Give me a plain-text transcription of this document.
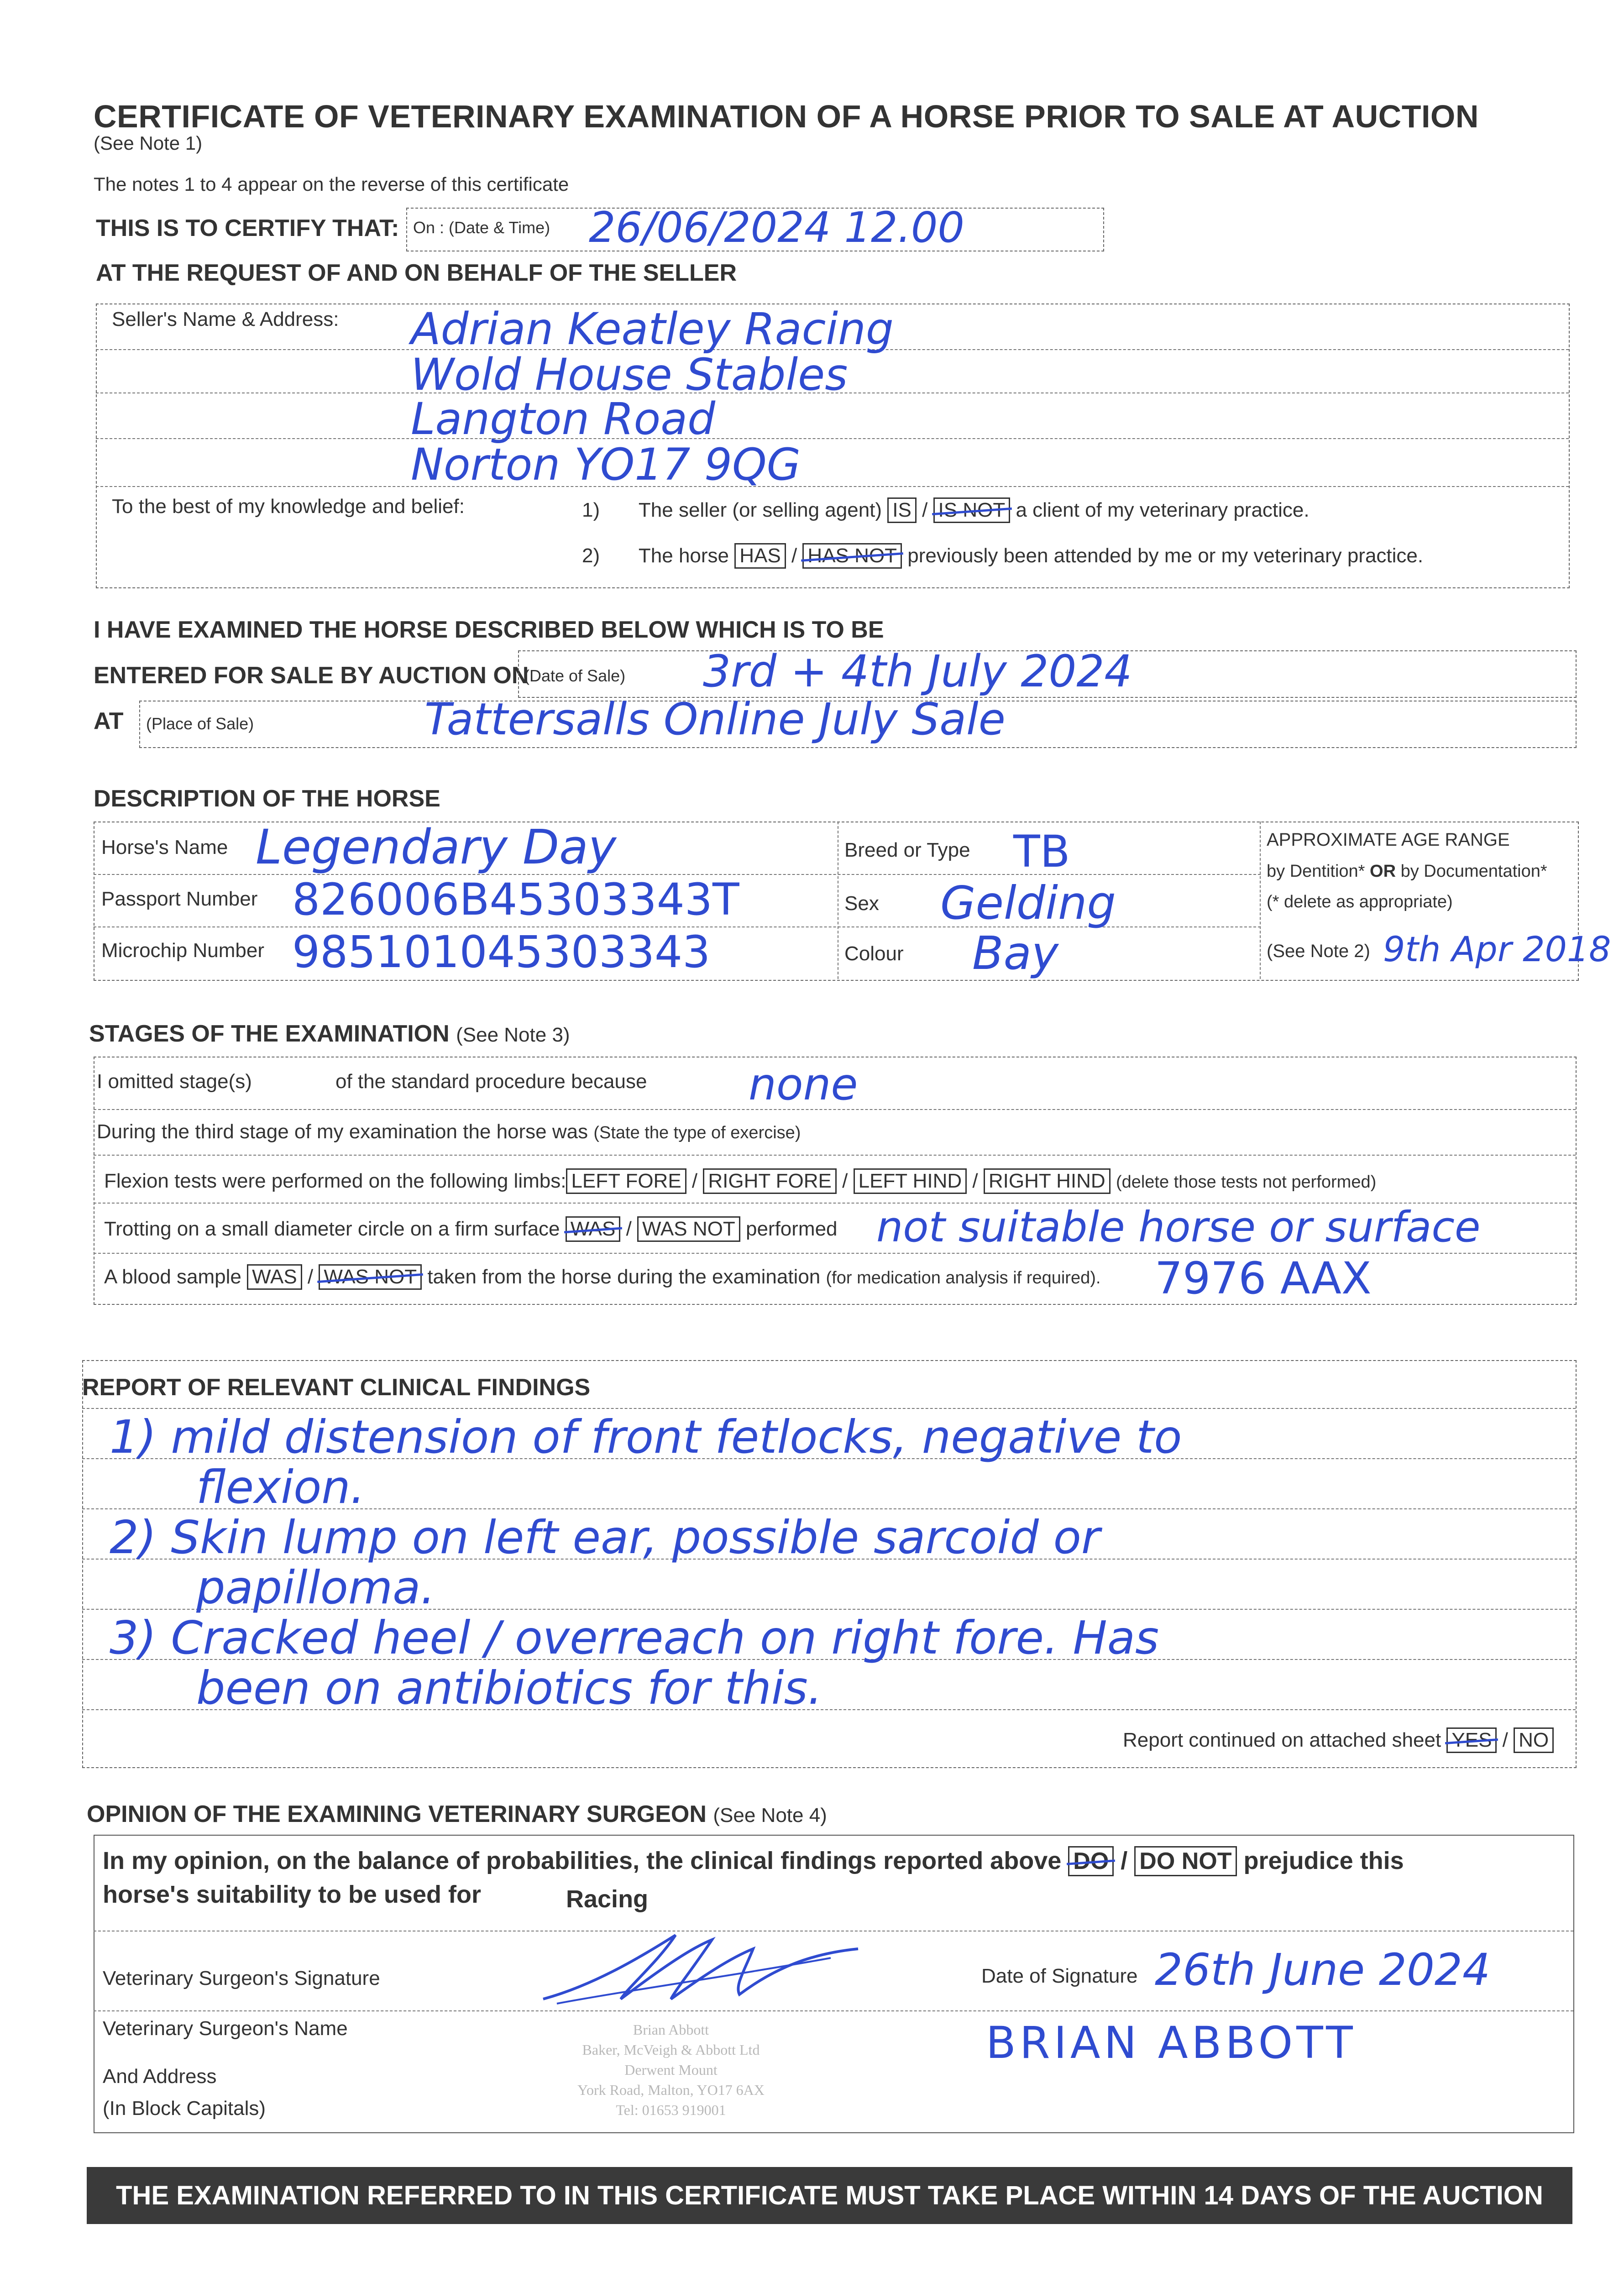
CERTIFICATE OF VETERINARY EXAMINATION OF A HORSE PRIOR TO SALE AT AUCTION
(See Note 1)
The notes 1 to 4 appear on the reverse of this certificate
THIS IS TO CERTIFY THAT: On : (Date & Time) 26/06/2024 12.00
AT THE REQUEST OF AND ON BEHALF OF THE SELLER
Seller's Name & Address: Adrian Keatley Racing
Wold House Stables
Langton Road
Norton YO17 9QG
To the best of my knowledge and belief:	1) The seller (or selling agent) IS / IS NOT a client of my veterinary practice.
2) The horse HAS / HAS NOT previously been attended by me or my veterinary practice.
I HAVE EXAMINED THE HORSE DESCRIBED BELOW WHICH IS TO BE
ENTERED FOR SALE BY AUCTION ON
(Date of Sale) 3rd + 4th July 2024
AT (Place of Sale)	Tattersalls Online July Sale
DESCRIPTION OF THE HORSE
Horse's Name Legendary Day
Passport Number 826006B45303343T
Microchip Number 985101045303343
Breed or Type TB
Sex Gelding
Colour Bay
APPROXIMATE AGE RANGE
by Dentition* OR by Documentation*
(* delete as appropriate)
(See Note 2) 9th Apr 2018
STAGES OF THE EXAMINATION (See Note 3)
I omitted stage(s)	of the standard procedure because none
During the third stage of my examination the horse was (State the type of exercise)
Flexion tests were performed on the following limbs: LEFT FORE / RIGHT FORE / LEFT HIND / RIGHT HIND (delete those tests not performed)
Trotting on a small diameter circle on a firm surface WAS / WAS NOT performed not suitable horse or surface
A blood sample WAS / WAS NOT taken from the horse during the examination (for medication analysis if required). 7976 AAX
REPORT OF RELEVANT CLINICAL FINDINGS
1) mild distension of front fetlocks, negative to
flexion.
2) Skin lump on left ear, possible sarcoid or
papilloma.
3) Cracked heel / overreach on right fore. Has
been on antibiotics for this.
Report continued on attached sheet YES / NO
OPINION OF THE EXAMINING VETERINARY SURGEON (See Note 4)
In my opinion, on the balance of probabilities, the clinical findings reported above DO / DO NOT prejudice this
horse's suitability to be used for	Racing
Veterinary Surgeon's Signature	Date of Signature 26th June 2024
Veterinary Surgeon's Name
And Address
(In Block Capitals)
Brian Abbott
Baker, McVeigh & Abbott Ltd
Derwent Mount
York Road, Malton, YO17 6AX
Tel: 01653 919001
BRIAN ABBOTT
THE EXAMINATION REFERRED TO IN THIS CERTIFICATE MUST TAKE PLACE WITHIN 14 DAYS OF THE AUCTION
